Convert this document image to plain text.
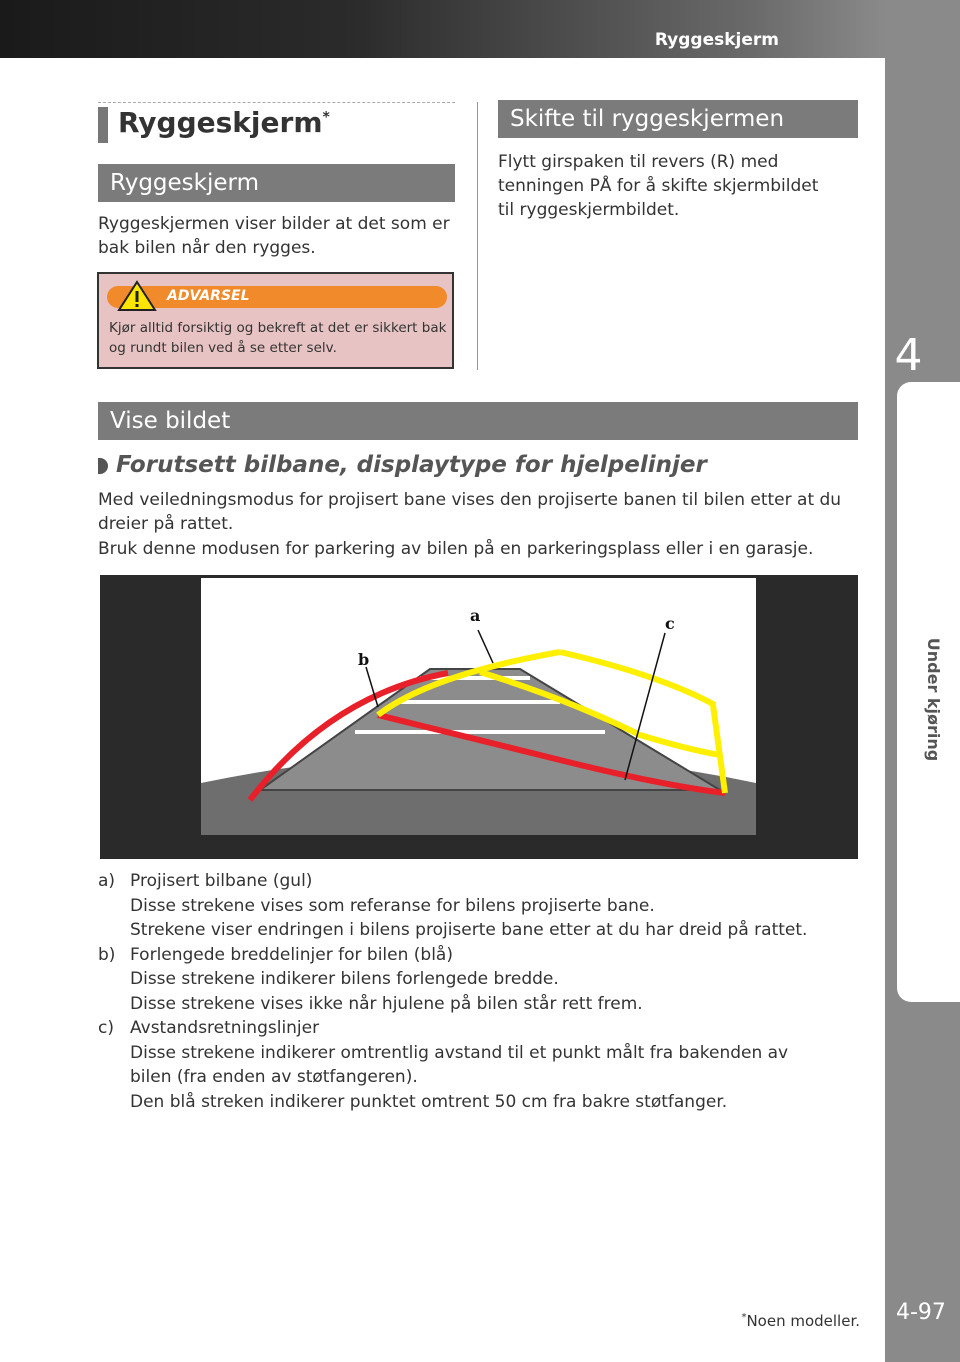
Ryggeskjerm
4
Under kjøring
4-97
Ryggeskjerm*
Ryggeskjerm
Ryggeskjermen viser bilder at det som er bak bilen når den rygges.
ADVARSEL
Kjør alltid forsiktig og bekreft at det er sikkert bak og rundt bilen ved å se etter selv.
Skifte til ryggeskjermen
Flytt girspaken til revers (R) med tenningen PÅ for å skifte skjermbildet til ryggeskjermbildet.
Vise bildet
Forutsett bilbane, displaytype for hjelpelinjer
Med veiledningsmodus for projisert bane vises den projiserte banen til bilen etter at du dreier på rattet.
Bruk denne modusen for parkering av bilen på en parkeringsplass eller i en garasje.
a
b
c
a) Projisert bilbane (gul)
Disse strekene vises som referanse for bilens projiserte bane.
Strekene viser endringen i bilens projiserte bane etter at du har dreid på rattet.
b) Forlengede breddelinjer for bilen (blå)
Disse strekene indikerer bilens forlengede bredde.
Disse strekene vises ikke når hjulene på bilen står rett frem.
c) Avstandsretningslinjer
Disse strekene indikerer omtrentlig avstand til et punkt målt fra bakenden av
bilen (fra enden av støtfangeren).
Den blå streken indikerer punktet omtrent 50 cm fra bakre støtfanger.
*Noen modeller.
